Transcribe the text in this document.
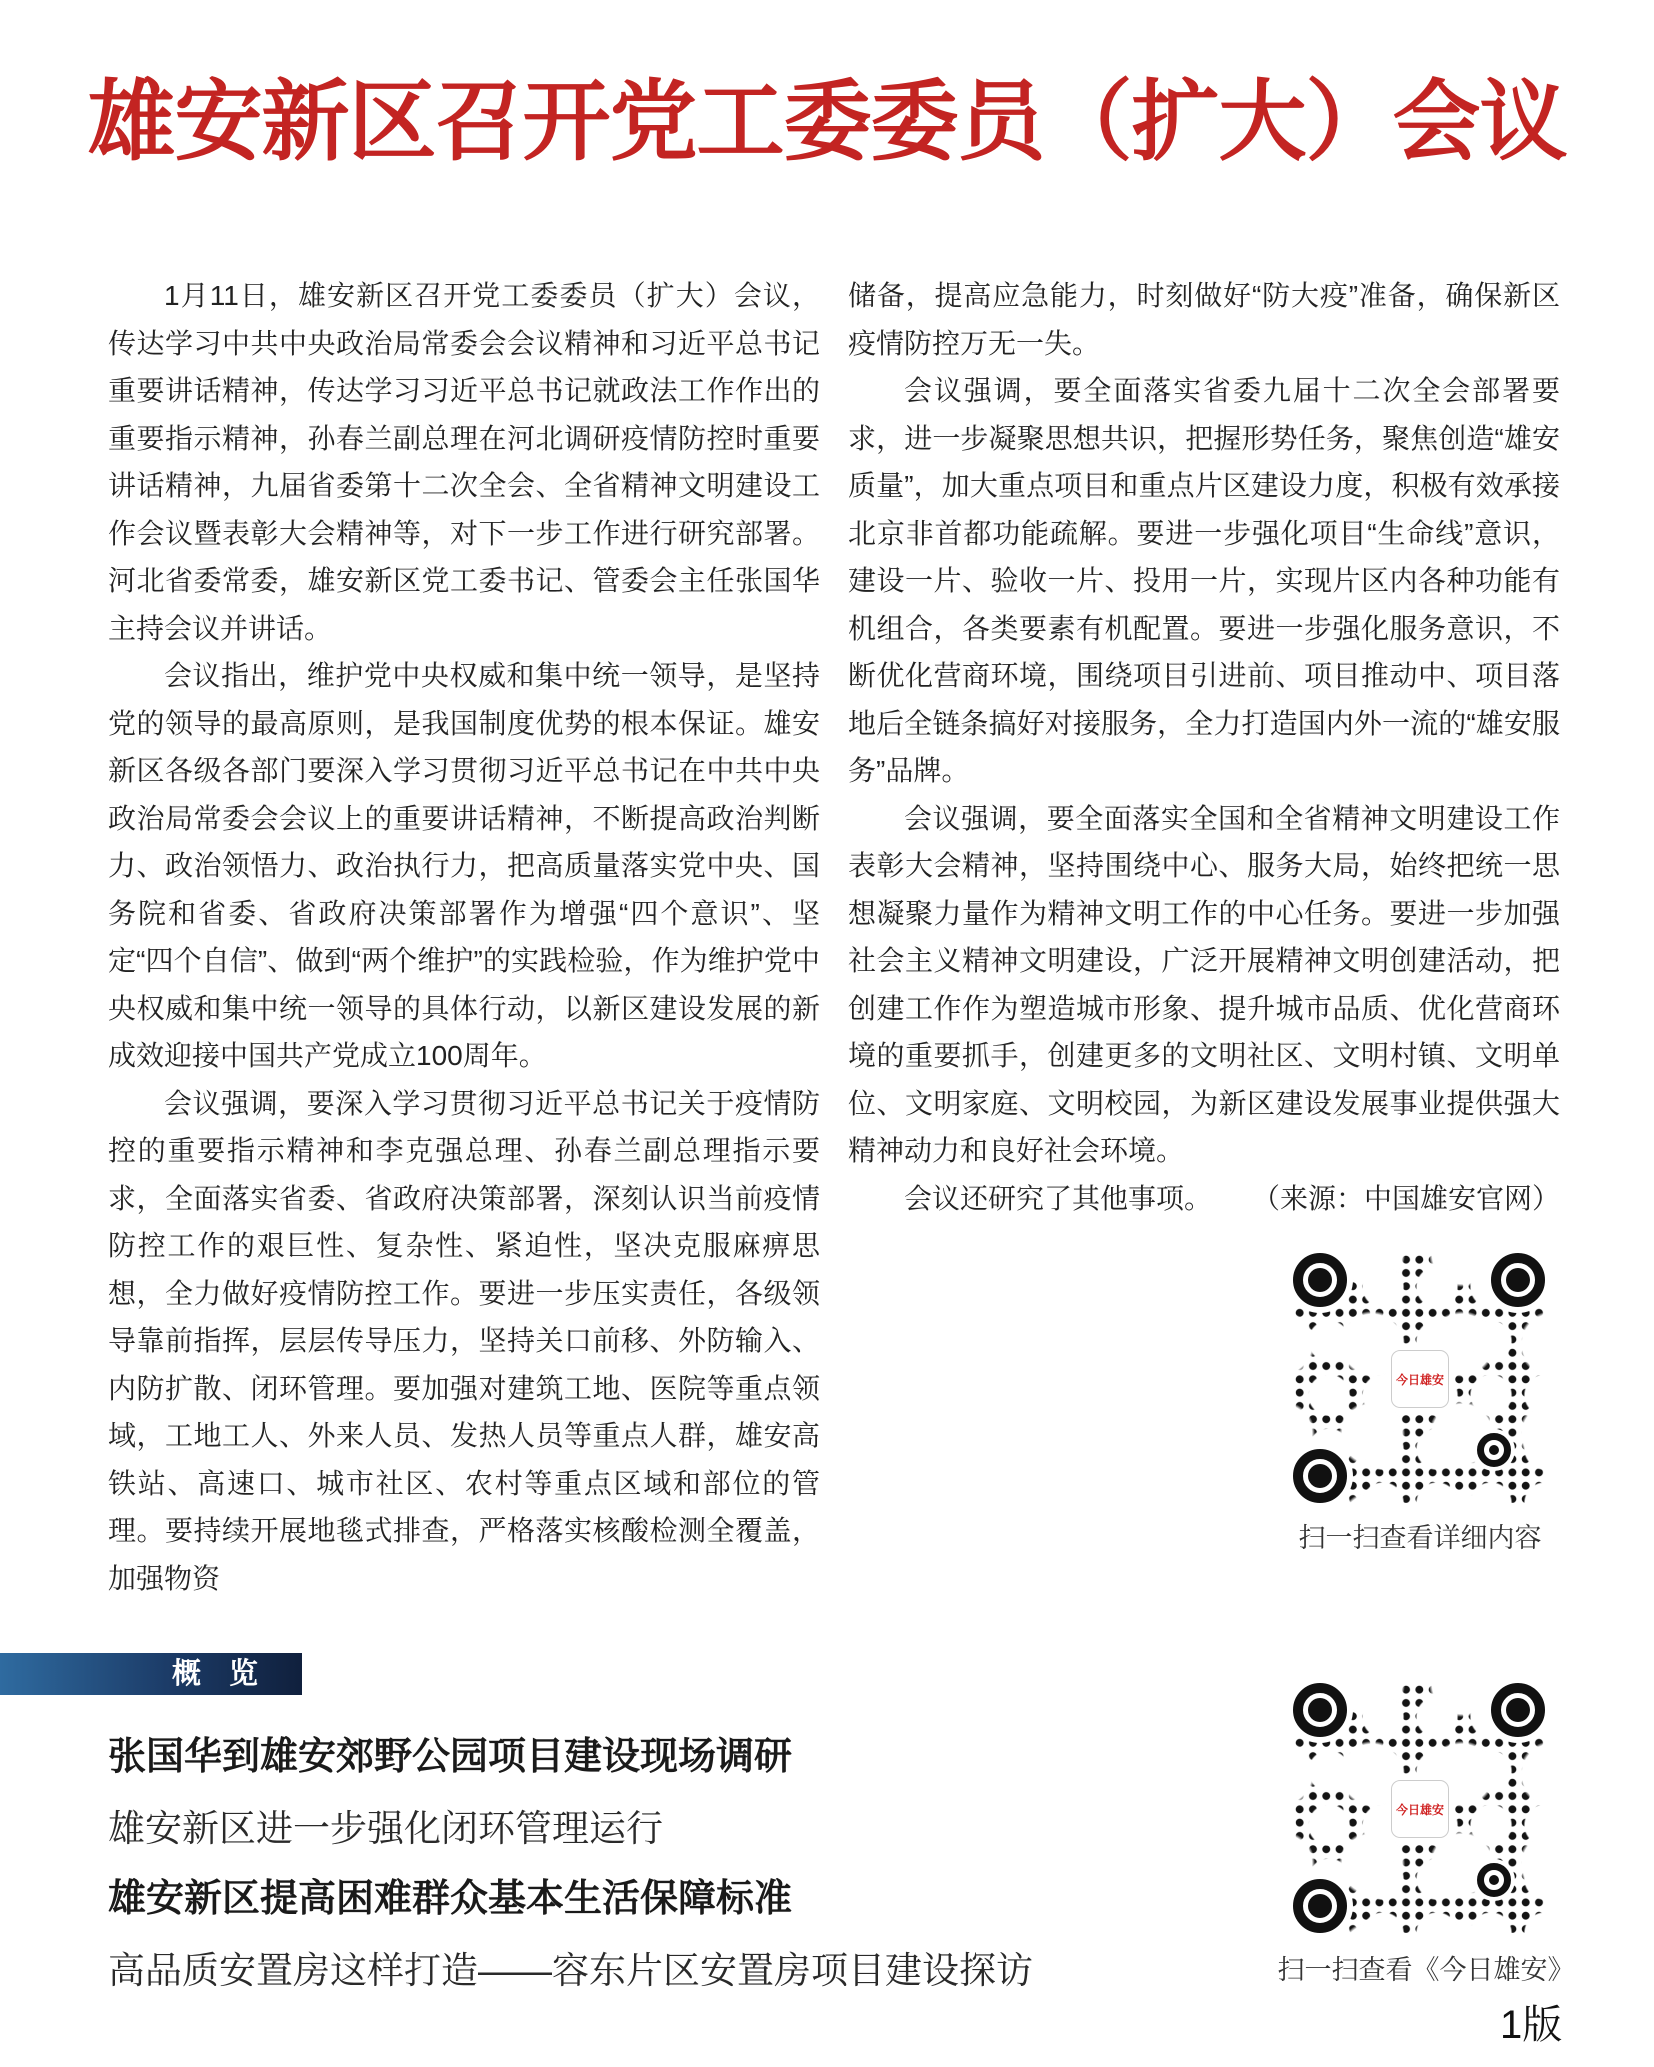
雄安新区召开党工委委员（扩大）会议

1月11日，雄安新区召开党工委委员（扩大）会议，传达学习中共中央政治局常委会会议精神和习近平总书记重要讲话精神，传达学习习近平总书记就政法工作作出的重要指示精神，孙春兰副总理在河北调研疫情防控时重要讲话精神，九届省委第十二次全会、全省精神文明建设工作会议暨表彰大会精神等，对下一步工作进行研究部署。河北省委常委，雄安新区党工委书记、管委会主任张国华主持会议并讲话。

会议指出，维护党中央权威和集中统一领导，是坚持党的领导的最高原则，是我国制度优势的根本保证。雄安新区各级各部门要深入学习贯彻习近平总书记在中共中央政治局常委会会议上的重要讲话精神，不断提高政治判断力、政治领悟力、政治执行力，把高质量落实党中央、国务院和省委、省政府决策部署作为增强“四个意识”、坚定“四个自信”、做到“两个维护”的实践检验，作为维护党中央权威和集中统一领导的具体行动，以新区建设发展的新成效迎接中国共产党成立100周年。

会议强调，要深入学习贯彻习近平总书记关于疫情防控的重要指示精神和李克强总理、孙春兰副总理指示要求，全面落实省委、省政府决策部署，深刻认识当前疫情防控工作的艰巨性、复杂性、紧迫性，坚决克服麻痹思想，全力做好疫情防控工作。要进一步压实责任，各级领导靠前指挥，层层传导压力，坚持关口前移、外防输入、内防扩散、闭环管理。要加强对建筑工地、医院等重点领域，工地工人、外来人员、发热人员等重点人群，雄安高铁站、高速口、城市社区、农村等重点区域和部位的管理。要持续开展地毯式排查，严格落实核酸检测全覆盖，加强物资

储备，提高应急能力，时刻做好“防大疫”准备，确保新区疫情防控万无一失。

会议强调，要全面落实省委九届十二次全会部署要求，进一步凝聚思想共识，把握形势任务，聚焦创造“雄安质量”，加大重点项目和重点片区建设力度，积极有效承接北京非首都功能疏解。要进一步强化项目“生命线”意识，建设一片、验收一片、投用一片，实现片区内各种功能有机组合，各类要素有机配置。要进一步强化服务意识，不断优化营商环境，围绕项目引进前、项目推动中、项目落地后全链条搞好对接服务，全力打造国内外一流的“雄安服务”品牌。

会议强调，要全面落实全国和全省精神文明建设工作表彰大会精神，坚持围绕中心、服务大局，始终把统一思想凝聚力量作为精神文明工作的中心任务。要进一步加强社会主义精神文明建设，广泛开展精神文明创建活动，把创建工作作为塑造城市形象、提升城市品质、优化营商环境的重要抓手，创建更多的文明社区、文明村镇、文明单位、文明家庭、文明校园，为新区建设发展事业提供强大精神动力和良好社会环境。

会议还研究了其他事项。 （来源：中国雄安官网）

今日雄安
扫一扫查看详细内容
概 览

张国华到雄安郊野公园项目建设现场调研

雄安新区进一步强化闭环管理运行

雄安新区提高困难群众基本生活保障标准

高品质安置房这样打造——容东片区安置房项目建设探访

今日雄安
扫一扫查看《今日雄安》
1版
